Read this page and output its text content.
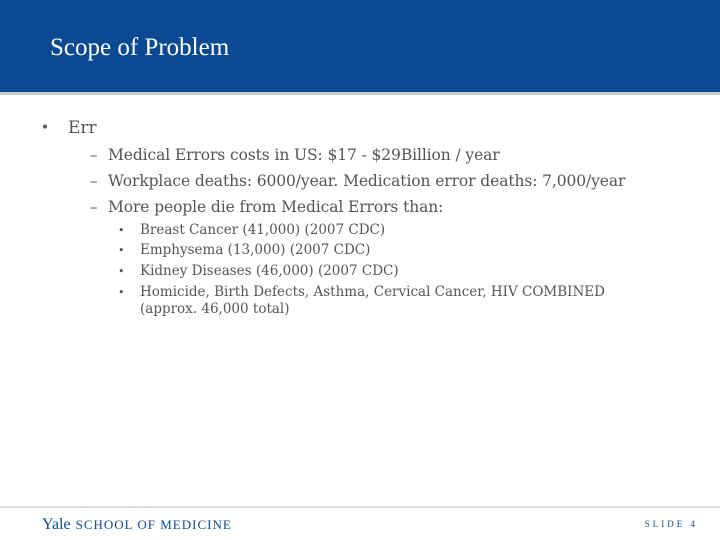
Scope of Problem
•	Err
– Medical Errors costs in US: $17 - $29Billion / year
– Workplace deaths: 6000/year. Medication error deaths: 7,000/year
– More people die from Medical Errors than:
•	Breast Cancer (41,000) (2007 CDC)
•	Emphysema (13,000) (2007 CDC)
•	Kidney Diseases (46,000) (2007 CDC)
•	Homicide, Birth Defects, Asthma, Cervical Cancer, HIV COMBINED (approx. 46,000 total)
Yale SCHOOL OF MEDICINE	SLIDE 4
